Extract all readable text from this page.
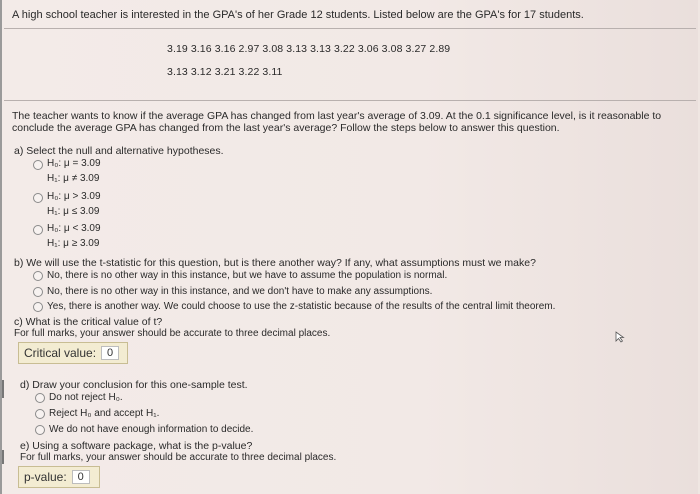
A high school teacher is interested in the GPA's of her Grade 12 students. Listed below are the GPA's for 17 students.
3.19 3.16 3.16 2.97 3.08 3.13 3.13 3.22 3.06 3.08 3.27 2.89
3.13 3.12 3.21 3.22 3.11
The teacher wants to know if the average GPA has changed from last year's average of 3.09. At the 0.1 significance level, is it reasonable to
conclude the average GPA has changed from the last year's average? Follow the steps below to answer this question.
a) Select the null and alternative hypotheses.
H₀: μ = 3.09
H₁: μ ≠ 3.09
H₀: μ > 3.09
H₁: μ ≤ 3.09
H₀: μ < 3.09
H₁: μ ≥ 3.09
b) We will use the t-statistic for this question, but is there another way? If any, what assumptions must we make?
No, there is no other way in this instance, but we have to assume the population is normal.
No, there is no other way in this instance, and we don't have to make any assumptions.
Yes, there is another way. We could choose to use the z-statistic because of the results of the central limit theorem.
c) What is the critical value of t?
For full marks, your answer should be accurate to three decimal places.
Critical value: 0
d) Draw your conclusion for this one-sample test.
Do not reject H₀.
Reject H₀ and accept H₁.
We do not have enough information to decide.
e) Using a software package, what is the p-value?
For full marks, your answer should be accurate to three decimal places.
p-value: 0
